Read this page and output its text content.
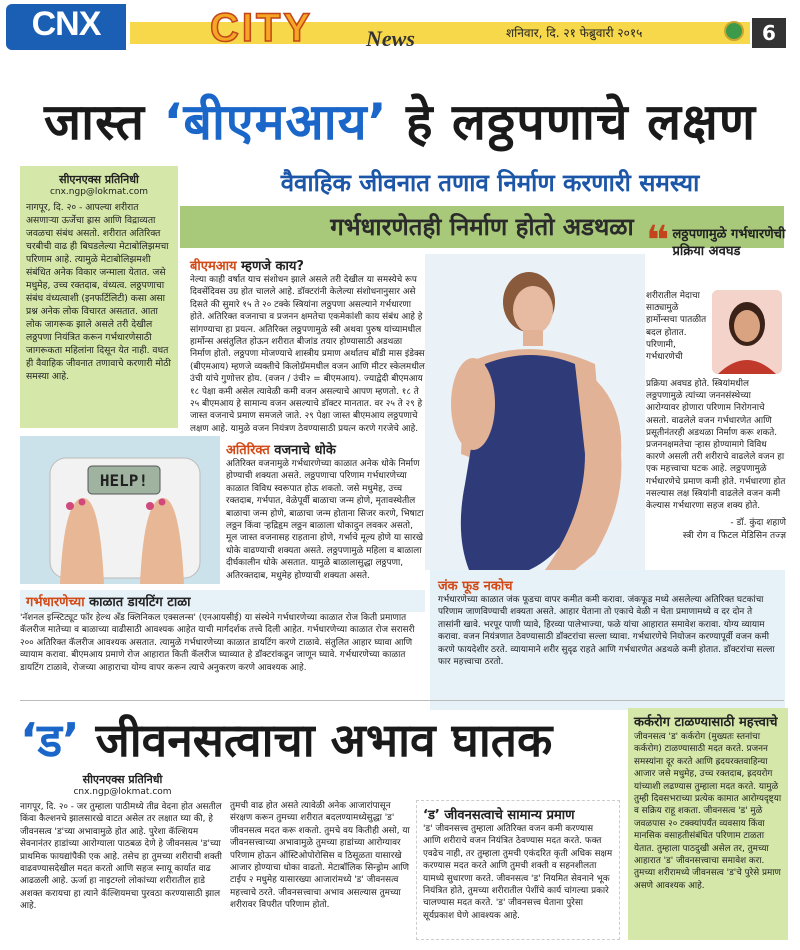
CNX
CITY NEWS EXPRESS	CITY News	शनिवार, दि. २१ फेब्रुवारी २०१५	6
जास्त ‘बीएमआय’ हे लठ्ठपणाचे लक्षण
सीएनएक्स प्रतिनिधी
cnx.ngp@lokmat.com
नागपूर, दि. २० - आपल्या शरीरात असणाऱ्या ऊर्जेचा ह्रास आणि विद्राव्यता जवळचा संबंध असतो. शरीरात अतिरिक्त चरबीची वाढ ही बिघडलेल्या मेटाबोलिझमचा परिणाम आहे. त्यामुळे मेटाबोलिझमशी संबंधित अनेक विकार जन्माला येतात. जसे मधुमेह, उच्च रक्तदाब, वंध्यत्व. लठ्ठपणाचा संबंध वंध्यत्वाशी (इनफर्टिलिटी) कसा असा प्रश्न अनेक लोक विचारत असतात. आता लोक जागरूक झाले असले तरी देखील लठ्ठपणा नियंत्रित करून गर्भधारणेसाठी जागरूकता महिलांना दिसून येत नाही. वधत ही वैवाहिक जीवनात तणावाचे करणारी मोठी समस्या आहे.
वैवाहिक जीवनात तणाव निर्माण करणारी समस्या
गर्भधारणेतही निर्माण होतो अडथळा
बीएमआय म्हणजे काय?
नेल्या काही वर्षात याच संशोधन झाले असले तरी देखील या समस्येचे रूप दिवसेंदिवस उग्र होत चालले आहे. डॉक्टरांनी केलेल्या संशोधनानुसार असे दिसते की सुमारे १५ ते २० टक्के स्त्रियांना लठ्ठपणा असल्याने गर्भधारणा होते. अतिरिक्त वजनाचा व प्रजनन क्षमतेचा एकमेकांशी काय संबंध आहे हे सांगण्याचा हा प्रयत्न. अतिरिक्त लठ्ठपणामुळे स्त्री अथवा पुरुष यांच्यामधील हार्मोन्स असंतुलित होऊन शरीरात बीजांड तयार होण्यासाठी अडथळा निर्माण होतो. लठ्ठपणा मोजण्याचे शास्त्रीय प्रमाण अर्थातच बॉडी मास इंडेक्स (बीएमआय) म्हणजे व्यक्तीचे किलोग्रॅममधील वजन आणि मीटर स्केलमधील उंची यांचे गुणोत्तर होय. (वजन / उंची२ = बीएमआय). ज्याद्वेदी बीएमआय १८ पेक्षा कमी असेल त्यावेळी कमी वजन असल्याचे आपण म्हणतो. १८ ते २५ बीएमआय हे सामान्य वजन असल्याचे डॉक्टर मानतात. वर २५ ते २९ हे जास्त वजनाचे प्रमाण समजले जाते. २९ पेक्षा जास्त बीएमआय लठ्ठपणाचे लक्षण आहे. यामुळे वजन नियंत्रण ठेवण्यासाठी प्रयत्न करणे गरजेचे आहे.
❝ लठ्ठपणामुळे गर्भधारणेची प्रक्रिया अवघड
शरीरातील मेदाचा साठ्यामुळे हार्मोन्सचा पातळीत बदल होतात. परिणामी, गर्भधारणेची
प्रक्रिया अवघड होते. स्त्रियांमधील लठ्ठपणामुळे त्यांच्या जननसंस्थेच्या आरोग्यावर होणारा परिणाम निरोगनाचे असतो. वाढलेले वजन गर्भधारणेत आणि प्रसूतीनंतरही अडथळा निर्माण करू शकते. प्रजननक्षमतेचा ऱ्हास होण्यामागे विविध कारणे असली तरी शरीराचे वाढलेले वजन हा एक महत्त्वाचा घटक आहे. लठ्ठपणामुळे गर्भधारणेचे प्रमाण कमी होते. गर्भधारणा होत नसल्यास लक्ष स्त्रियांनी वाढलेले वजन कमी केल्यास गर्भधारणा सहज शक्य होते.
- डॉ. कुंदा शहाणे
स्त्री रोग व फिटल मेडिसिन तज्ज्ञ
HELP!
अतिरिक्त वजनाचे धोके
अतिरिक्त वजनामुळे गर्भधारणेच्या काळात अनेक धोके निर्माण होण्याची शक्यता असते. लठ्ठपणाचा परिणाम गर्भधारणेच्या काळात विविध स्वरूपात होऊ शकतो. जसे मधुमेह, उच्च रक्तदाब, गर्भपात, वेळेपूर्वी बाळाचा जन्म होणे, मृतावस्थेतील बाळाचा जन्म होणे, बाळाचा जन्म होताना सिजर करणे, भिषाटा लठ्ठन किंवा ऱ्हद्रिहृम लठ्ठन बाळाला धोकादुन लवकर असतो, मूल जास्त वजनासह राहताना होणे, गर्भाचे मूल्य होणे या सारखे धोके वाढण्याची शक्यता असते. लठ्ठपणामुळे महिला व बाळाला दीर्घकालीन धोके असतात. यामुळे बाळालासुद्धा लठ्ठपणा, अतिरक्तदाब, मधुमेह होण्याची शक्यता असते.
जंक फूड नकोच
गर्भधारणेच्या काळात जंक फूडचा वापर कमीत कमी करावा. जंकफूड मध्ये असलेल्या अतिरिक्त घटकांचा परिणाम जाणविण्याची शक्यता असते. आहार घेताना तो एकाचे वेळी न घेता प्रमाणामध्ये व दर दोन ते तासांनी खावे. भरपूर पाणी प्यावे, हिरव्या पालेभाज्या, फळे यांचा आहारात समावेश करावा. योग्य व्यायाम करावा. वजन नियंत्रणात ठेवण्यासाठी डॉक्टरांचा सल्ला घ्यावा. गर्भधारणेचे नियोजन करण्यापूर्वी वजन कमी करणे फायदेशीर ठरते. व्यायामाने शरीर सुदृढ राहते आणि गर्भधारणेत अडथळे कमी होतात. डॉक्टरांचा सल्ला फार महत्त्वाचा ठरतो.
गर्भधारणेच्या काळात डायटिंग टाळा
'नॅशनल इन्स्टिट्यूट फॉर हेल्थ अँड क्लिनिकल एक्सलन्स' (एनआयसीई) या संस्थेने गर्भधारणेच्या काळात रोज किती प्रमाणात कॅलरीज मातेच्या व बाळाच्या वाढीसाठी आवश्यक आहेत याची मार्गदर्शक तत्त्वे दिली आहेत. गर्भधारणेच्या काळात रोज सरासरी २०० अतिरिक्त कॅलरीज आवश्यक असतात. त्यामुळे गर्भधारणेच्या काळात डायटिंग करणे टाळावे. संतुलित आहार घ्यावा आणि व्यायाम करावा. बीएमआय प्रमाणे रोज आहारात किती कॅलरीज घ्याव्यात हे डॉक्टरांकडून जाणून घ्यावे. गर्भधारणेच्या काळात डायटिंग टाळावे, रोजच्या आहाराचा योग्य वापर करून त्याचे अनुकरण करणे आवश्यक आहे.
‘ड’ जीवनसत्वाचा अभाव घातक
सीएनएक्स प्रतिनिधी
cnx.ngp@lokmat.com
नागपूर, दि. २० - जर तुम्हाला पाठीमध्ये तीव्र वेदना होत असतील किंवा कैल्शनचे झालसारखे वाटत असेल तर लक्षात घ्या की, हे जीवनसत्व 'ड'च्या अभावामुळे होत आहे. पुरेशा कॅल्शियम सेवनानंतर हाडांच्या आरोग्याला पाठबळ देणे हे जीवनसत्व 'ड'च्या प्राथमिक फायद्यांपैकी एक आहे. तसेच हा तुमच्या शरीराची शक्ती वाढवण्यासदेखील मदत करतो आणि सहज स्नायू कार्यात वाढ आढळली आहे. ऊर्जा हा नाइटग्लो लोकांच्या शरीरातील हाडे अशक्त करायचा हा त्याने कॅल्शियमचा पुरवठा करण्यासाठी झाल आहे.
तुमची वाढ होत असते त्यावेळी अनेक आजारांपासून संरक्षण करून तुमच्या शरीरात बदलण्यामध्येसुद्धा 'ड' जीवनसत्व मदत करू शकतो. तुमचे वय कितीही असो, या जीवनसत्त्वाच्या अभावामुळे तुमच्या हाडांच्या आरोग्यावर परिणाम होऊन ऑस्टिओपोरोसिस व ठिसूळता यासारखे आजार होण्याचा धोका वाढतो. मेटाबॉलिक सिन्ड्रोम आणि टाईप २ मधुमेह यासारख्या आजारांमध्ये 'ड' जीवनसत्व महत्त्वाचे ठरते. जीवनसत्त्वाचा अभाव असल्यास तुमच्या शरीरावर विपरीत परिणाम होतो.
‘ड’ जीवनसत्वाचे सामान्य प्रमाण
'ड' जीवनसत्त्व तुम्हाला अतिरिक्त वजन कमी करण्यास आणि शरीराचे वजन नियंत्रित ठेवण्यास मदत करते. फक्त एवढेच नाही, तर तुम्हाला तुमची एकंदरित कृती अधिक सक्षम करण्यास मदत करते आणि तुमची शक्ती व सहनशीलता यामध्ये सुधारणा करते. जीवनसत्व 'ड' नियमित सेवनाने भूक नियंत्रित होते, तुमच्या शरीरातील पेशींचे कार्य चांगल्या प्रकारे चालण्यास मदत करते. 'ड' जीवनसत्त्व घेताना पुरेसा सूर्यप्रकाश घेणे आवश्यक आहे.
कर्करोग टाळण्यासाठी महत्त्वाचे
जीवनसत्व 'ड' कर्करोग (मुख्यतः स्तनांचा कर्करोग) टाळण्यासाठी मदत करते. प्रजनन समस्यांना दूर करते आणि ह्रदयरक्तवाहिन्या आजार जसे मधुमेह, उच्च रक्तदाब, ह्रदयरोग यांच्याशी लढण्यास तुम्हाला मदत करते. यामुळे तुम्ही दिवसभराच्या प्रत्येक कामात आरोग्यदृष्ट्या व सक्रिय राहू शकता. जीवनसत्व 'ड' मुळे जवळपास २० टक्क्यांपर्यंत व्यवसाय किंवा मानसिक वसाहतीसंबंधित परिणाम टाळता येतात. तुम्हाला पाठदुखी असेल तर, तुमच्या आहारात 'ड' जीवनसत्त्वाचा समावेश करा. तुमच्या शरीरामध्ये जीवनसत्व 'ड'चे पुरेसे प्रमाण असणे आवश्यक आहे.
